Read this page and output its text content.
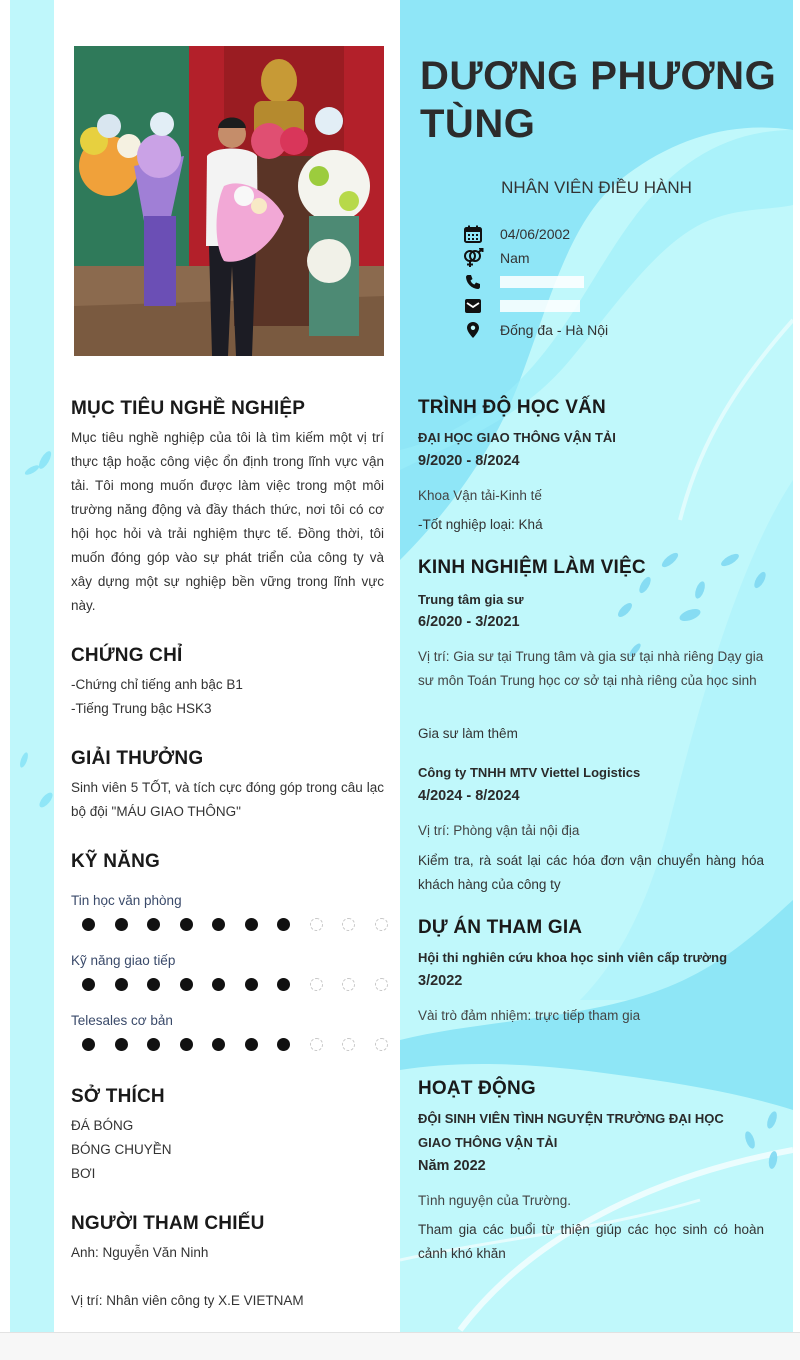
DƯƠNG PHƯƠNG
TÙNG
NHÂN VIÊN ĐIỀU HÀNH
04/06/2002
Nam
Đống đa - Hà Nội
MỤC TIÊU NGHỀ NGHIỆP
Mục tiêu nghề nghiệp của tôi là tìm kiếm một vị trí thực tập hoặc công việc ổn định trong lĩnh vực vận tải. Tôi mong muốn được làm việc trong một môi trường năng động và đầy thách thức, nơi tôi có cơ hội học hỏi và trải nghiệm thực tế. Đồng thời, tôi muốn đóng góp vào sự phát triển của công ty và xây dựng một sự nghiệp bền vững trong lĩnh vực này.
CHỨNG CHỈ
-Chứng chỉ tiếng anh bậc B1
-Tiếng Trung bậc HSK3
GIẢI THƯỞNG
Sinh viên 5 TỐT, và tích cực đóng góp trong câu lạc bộ đội "MÁU GIAO THÔNG"
KỸ NĂNG
Tin học văn phòng
Kỹ năng giao tiếp
Telesales cơ bản
SỞ THÍCH
ĐÁ BÓNG
BÓNG CHUYỀN
BƠI
NGƯỜI THAM CHIẾU
Anh: Nguyễn Văn Ninh
Vị trí: Nhân viên công ty X.E VIETNAM
TRÌNH ĐỘ HỌC VẤN
ĐẠI HỌC GIAO THÔNG VẬN TẢI
9/2020 - 8/2024
Khoa Vận tải-Kinh tế
-Tốt nghiệp loại: Khá
KINH NGHIỆM LÀM VIỆC
Trung tâm gia sư
6/2020 - 3/2021
Vị trí: Gia sư tại Trung tâm và gia sư tại nhà riêng Dạy gia sư môn Toán Trung học cơ sở tại nhà riêng của học sinh
Gia sư làm thêm
Công ty TNHH MTV Viettel Logistics
4/2024 - 8/2024
Vị trí: Phòng vận tải nội địa
Kiểm tra, rà soát lại các hóa đơn vận chuyển hàng hóa khách hàng của công ty
DỰ ÁN THAM GIA
Hội thi nghiên cứu khoa học sinh viên cấp trường
3/2022
Vài trò đảm nhiệm: trực tiếp tham gia
HOẠT ĐỘNG
ĐỘI SINH VIÊN TÌNH NGUYỆN TRƯỜNG ĐẠI HỌC
GIAO THÔNG VẬN TẢI
Năm 2022
Tình nguyện của Trường.
Tham gia các buổi từ thiện giúp các học sinh có hoàn cảnh khó khăn
